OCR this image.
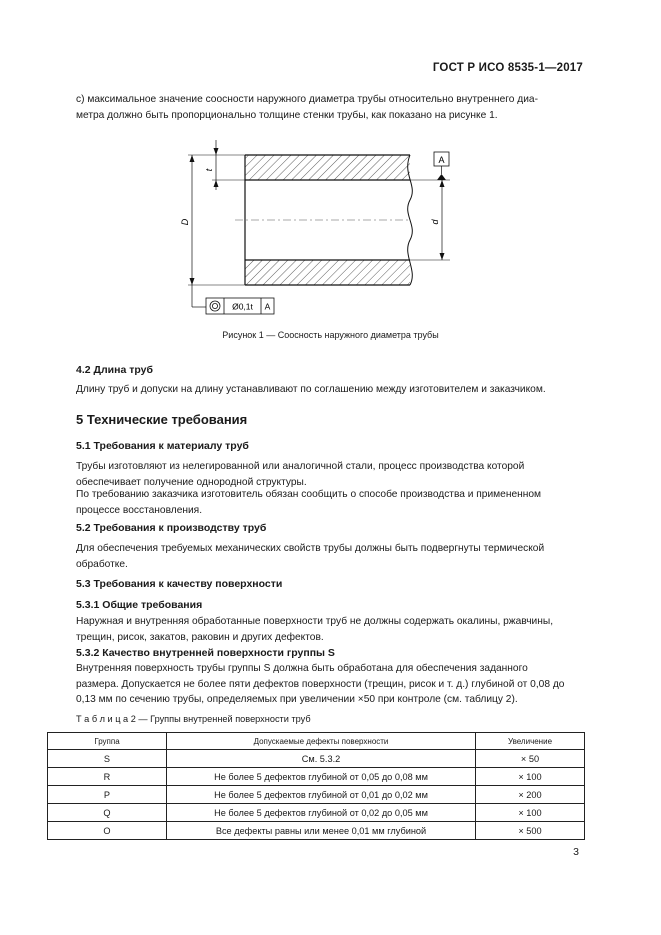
ГОСТ Р ИСО 8535-1—2017
с) максимальное значение соосности наружного диаметра трубы относительно внутреннего диа-
метра должно быть пропорционально толщине стенки трубы, как показано на рисунке 1.
D
t
d
A
Ø0,1t A
Рисунок 1 — Соосность наружного диаметра трубы
4.2 Длина труб
Длину труб и допуски на длину устанавливают по соглашению между изготовителем и заказчиком.
5 Технические требования
5.1 Требования к материалу труб
Трубы изготовляют из нелегированной или аналогичной стали, процесс производства которой
обеспечивает получение однородной структуры.
По требованию заказчика изготовитель обязан сообщить о способе производства и примененном
процессе восстановления.
5.2 Требования к производству труб
Для обеспечения требуемых механических свойств трубы должны быть подвергнуты термической
обработке.
5.3 Требования к качеству поверхности
5.3.1 Общие требования
Наружная и внутренняя обработанные поверхности труб не должны содержать окалины, ржавчины,
трещин, рисок, закатов, раковин и других дефектов.
5.3.2 Качество внутренней поверхности группы S
Внутренняя поверхность трубы группы S должна быть обработана для обеспечения заданного
размера. Допускается не более пяти дефектов поверхности (трещин, рисок и т. д.) глубиной от 0,08 до
0,13 мм по сечению трубы, определяемых при увеличении ×50 при контроле (см. таблицу 2).
Т а б л и ц а 2 — Группы внутренней поверхности труб
Группа	Допускаемые дефекты поверхности	Увеличение
S	См. 5.3.2	× 50
R	Не более 5 дефектов глубиной от 0,05 до 0,08 мм	× 100
P	Не более 5 дефектов глубиной от 0,01 до 0,02 мм	× 200
Q	Не более 5 дефектов глубиной от 0,02 до 0,05 мм	× 100
O	Все дефекты равны или менее 0,01 мм глубиной	× 500
3
